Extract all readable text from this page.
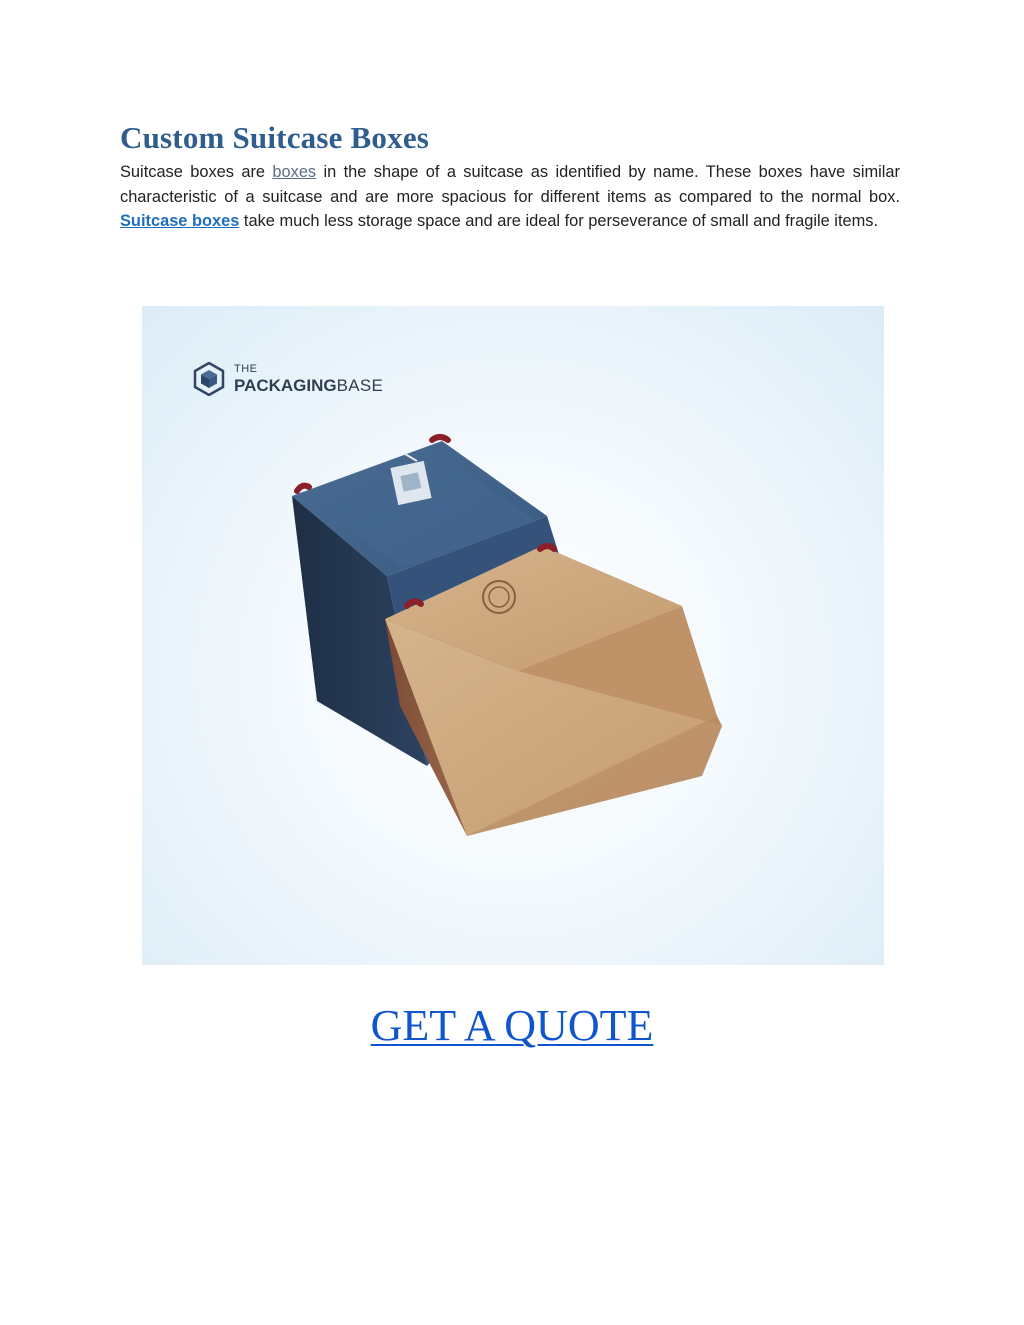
Custom Suitcase Boxes

Suitcase boxes are boxes in the shape of a suitcase as identified by name. These boxes have similar characteristic of a suitcase and are more spacious for different items as compared to the normal box. Suitcase boxes take much less storage space and are ideal for perseverance of small and fragile items.

THE
PACKAGINGBASE
GET A QUOTE
